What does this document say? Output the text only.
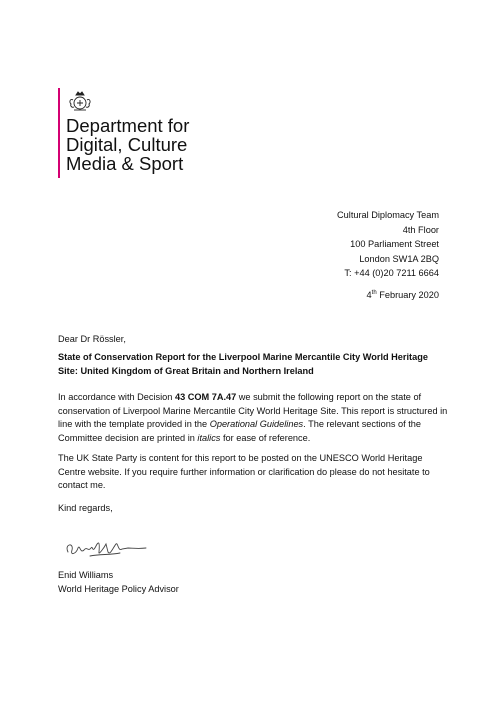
Department for
Digital, Culture
Media & Sport
Cultural Diplomacy Team
4th Floor
100 Parliament Street
London SW1A 2BQ
T: +44 (0)20 7211 6664
4th February 2020
Dear Dr Rössler,
State of Conservation Report for the Liverpool Marine Mercantile City World Heritage Site: United Kingdom of Great Britain and Northern Ireland
In accordance with Decision 43 COM 7A.47 we submit the following report on the state of conservation of Liverpool Marine Mercantile City World Heritage Site. This report is structured in line with the template provided in the Operational Guidelines. The relevant sections of the Committee decision are printed in italics for ease of reference.
The UK State Party is content for this report to be posted on the UNESCO World Heritage Centre website. If you require further information or clarification do please do not hesitate to contact me.
Kind regards,
Enid Williams
World Heritage Policy Advisor
